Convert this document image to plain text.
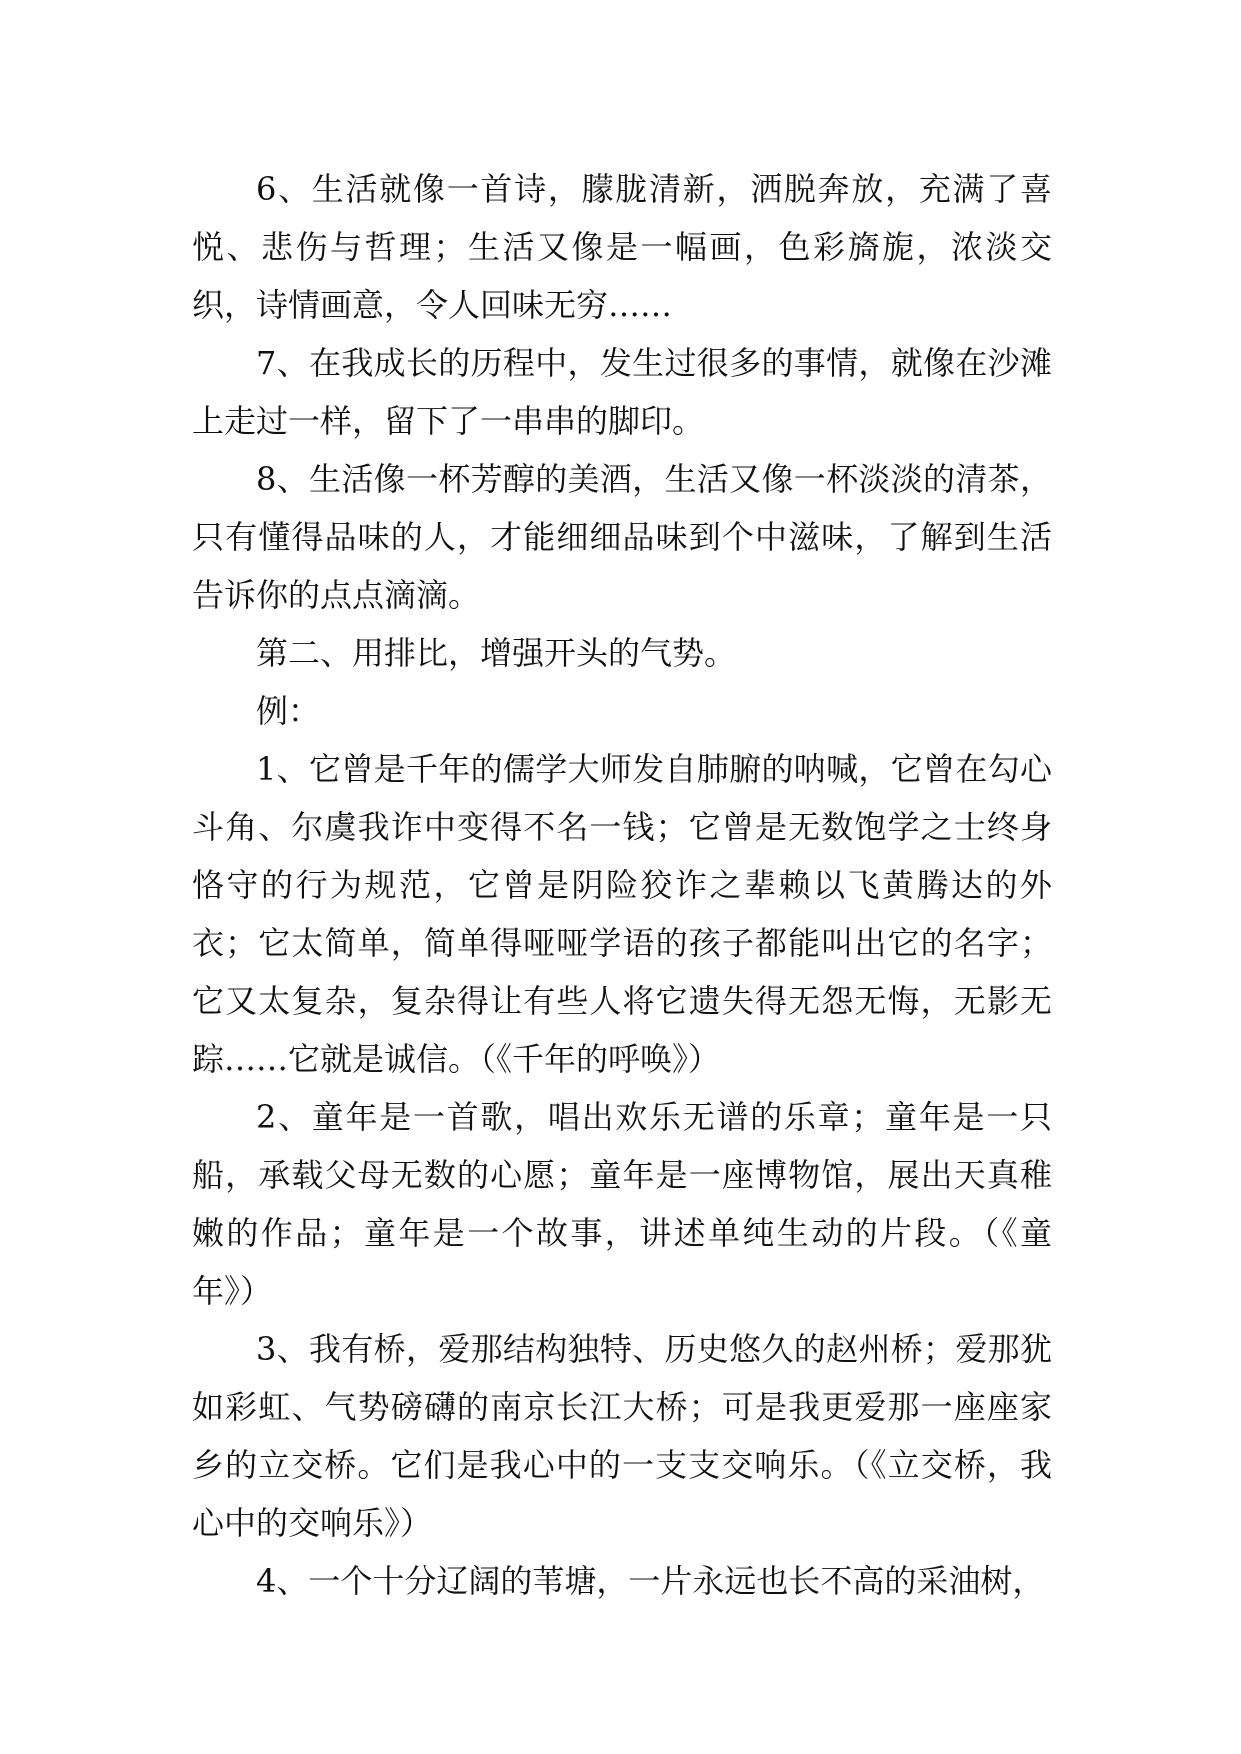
6、生活就像一首诗，朦胧清新，洒脱奔放，充满了喜悦、悲伤与哲理；生活又像是一幅画，色彩旖旎，浓淡交织，诗情画意，令人回味无穷……

7、在我成长的历程中，发生过很多的事情，就像在沙滩上走过一样，留下了一串串的脚印。

8、生活像一杯芳醇的美酒，生活又像一杯淡淡的清茶，只有懂得品味的人，才能细细品味到个中滋味，了解到生活告诉你的点点滴滴。

第二、用排比，增强开头的气势。

例：

1、它曾是千年的儒学大师发自肺腑的呐喊，它曾在勾心斗角、尔虞我诈中变得不名一钱；它曾是无数饱学之士终身恪守的行为规范，它曾是阴险狡诈之辈赖以飞黄腾达的外衣；它太简单，简单得哑哑学语的孩子都能叫出它的名字；它又太复杂，复杂得让有些人将它遗失得无怨无悔，无影无踪……它就是诚信。（《千年的呼唤》）

2、童年是一首歌，唱出欢乐无谱的乐章；童年是一只船，承载父母无数的心愿；童年是一座博物馆，展出天真稚嫩的作品；童年是一个故事，讲述单纯生动的片段。（《童年》）

3、我有桥，爱那结构独特、历史悠久的赵州桥；爱那犹如彩虹、气势磅礴的南京长江大桥；可是我更爱那一座座家乡的立交桥。它们是我心中的一支支交响乐。（《立交桥，我心中的交响乐》）

4、一个十分辽阔的苇塘，一片永远也长不高的采油树，
